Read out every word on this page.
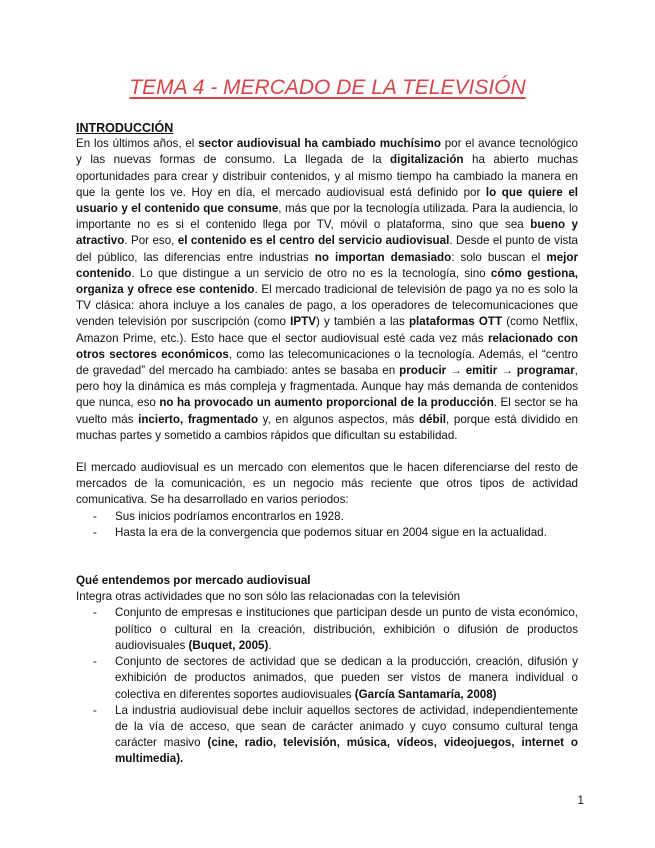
TEMA 4 - MERCADO DE LA TELEVISIÓN

INTRODUCCIÓN

En los últimos años, el sector audiovisual ha cambiado muchísimo por el avance tecnológico y las nuevas formas de consumo. La llegada de la digitalización ha abierto muchas oportunidades para crear y distribuir contenidos, y al mismo tiempo ha cambiado la manera en que la gente los ve. Hoy en día, el mercado audiovisual está definido por lo que quiere el usuario y el contenido que consume, más que por la tecnología utilizada. Para la audiencia, lo importante no es si el contenido llega por TV, móvil o plataforma, sino que sea bueno y atractivo. Por eso, el contenido es el centro del servicio audiovisual. Desde el punto de vista del público, las diferencias entre industrias no importan demasiado: solo buscan el mejor contenido. Lo que distingue a un servicio de otro no es la tecnología, sino cómo gestiona, organiza y ofrece ese contenido. El mercado tradicional de televisión de pago ya no es solo la TV clásica: ahora incluye a los canales de pago, a los operadores de telecomunicaciones que venden televisión por suscripción (como IPTV) y también a las plataformas OTT (como Netflix, Amazon Prime, etc.). Esto hace que el sector audiovisual esté cada vez más relacionado con otros sectores económicos, como las telecomunicaciones o la tecnología. Además, el “centro de gravedad” del mercado ha cambiado: antes se basaba en producir → emitir → programar, pero hoy la dinámica es más compleja y fragmentada. Aunque hay más demanda de contenidos que nunca, eso no ha provocado un aumento proporcional de la producción. El sector se ha vuelto más incierto, fragmentado y, en algunos aspectos, más débil, porque está dividido en muchas partes y sometido a cambios rápidos que dificultan su estabilidad.

El mercado audiovisual es un mercado con elementos que le hacen diferenciarse del resto de mercados de la comunicación, es un negocio más reciente que otros tipos de actividad comunicativa. Se ha desarrollado en varios periodos:

- Sus inicios podríamos encontrarlos en 1928.
- Hasta la era de la convergencia que podemos situar en 2004 sigue en la actualidad.

Qué entendemos por mercado audiovisual

Integra otras actividades que no son sólo las relacionadas con la televisión

- Conjunto de empresas e instituciones que participan desde un punto de vista económico, político o cultural en la creación, distribución, exhibición o difusión de productos audiovisuales (Buquet, 2005).
- Conjunto de sectores de actividad que se dedican a la producción, creación, difusión y exhibición de productos animados, que pueden ser vistos de manera individual o colectiva en diferentes soportes audiovisuales (García Santamaría, 2008)
- La industria audiovisual debe incluir aquellos sectores de actividad, independientemente de la vía de acceso, que sean de carácter animado y cuyo consumo cultural tenga carácter masivo (cine, radio, televisión, música, vídeos, videojuegos, internet o multimedia).
1
